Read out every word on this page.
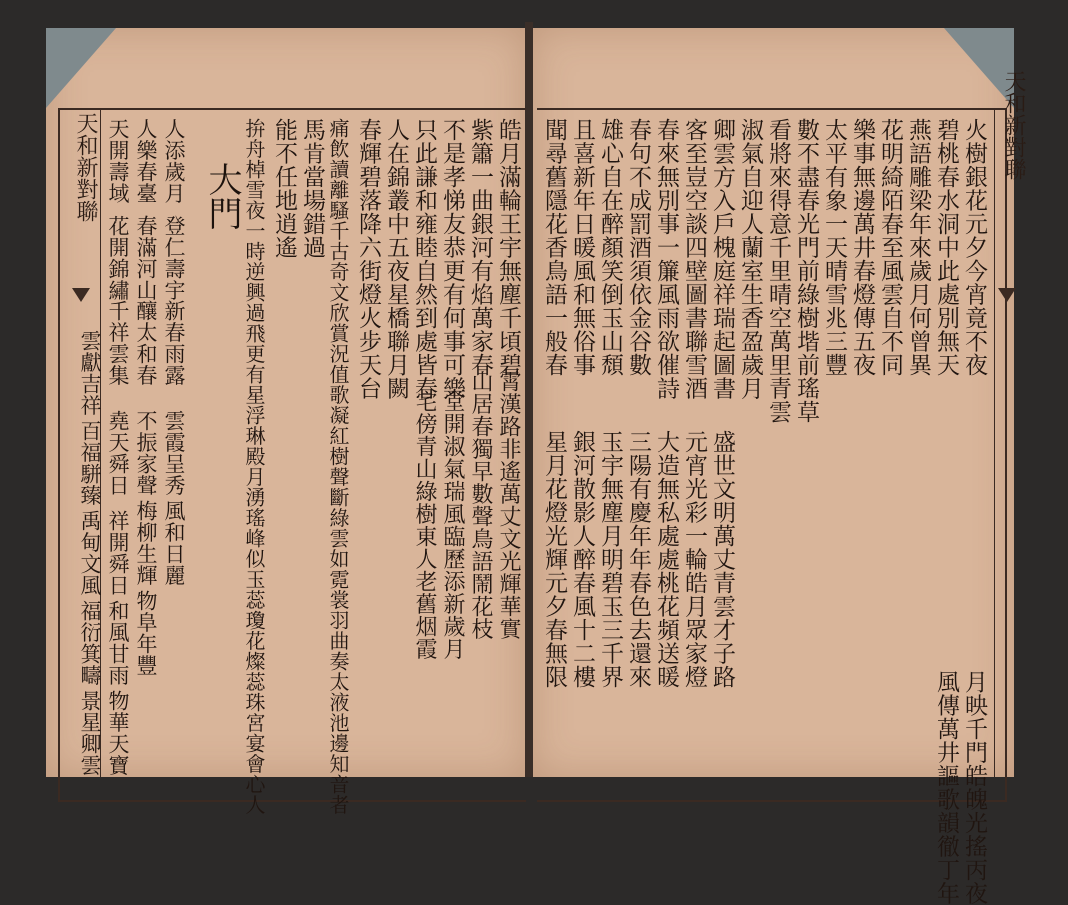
天和新對聯 天開壽域 人樂春臺
花開錦繡
雲獻吉祥
人添歲月
春滿河山
千祥雲集
百福駢臻
登仁壽宇
釀太和春
堯天舜日
禹甸文風
新春雨露
不振家聲
祥開舜日
福衍箕疇
雲霞呈秀
梅柳生輝
和風甘雨
景星卿雲
風和日麗
物阜年豐
物華天寶
大門	皓月滿輪王宇無塵千頃碧
紫簫一曲銀河有焰萬家春
不是孝悌友恭更有何事可樂
只此謙和雍睦自然到處皆春
人在錦叢中五夜星橋聯月闕
春輝碧落降六街燈火步天台
痛飲讀離騷千古奇文欣賞況值歌凝紅樹聲斷綠雲如霓裳羽曲奏太液池邊知音者
馬肯當場錯過
能不任地逍遙
拚舟棹雪夜一時逆興過飛更有星浮琳殿月湧瑤峰似玉蕊瓊花燦蕊珠宮宴會心人	霄漢路非遙萬丈文光輝華實
山居春獨早數聲鳥語鬧花枝
堂開淑氣瑞風臨歷添新歲月
宅傍青山綠樹東人老舊烟霞
天和新對聯
火樹銀花元夕今宵竟不夜
碧桃春水洞中此處別無天
燕語雕梁年來歲月何曾異
花明綺陌春至風雲自不同
樂事無邊萬井春燈傳五夜
太平有象一天晴雪兆三豐
數不盡春光門前綠樹堦前瑤草
看將來得意千里晴空萬里青雲
淑氣自迎人蘭室生香盈歲月
卿雲方入戶槐庭祥瑞起圖書
客至豈空談四壁圖書聯雪酒
春來無別事一簾風雨欲催詩
春句不成罰酒須依金谷數
雄心自在醉顏笑倒玉山頹
且喜新年日暖風和無俗事
聞尋舊隱花香鳥語一般春
月映千門皓魄光搖丙夜
風傳萬井謳歌韻徹丁年
盛世文明萬丈青雲才子路
元宵光彩一輪皓月眾家燈
大造無私處處桃花頻送暖
三陽有慶年年春色去還來
玉宇無塵月明碧玉三千界
銀河散影人醉春風十二樓
星月花燈光輝元夕春無限
